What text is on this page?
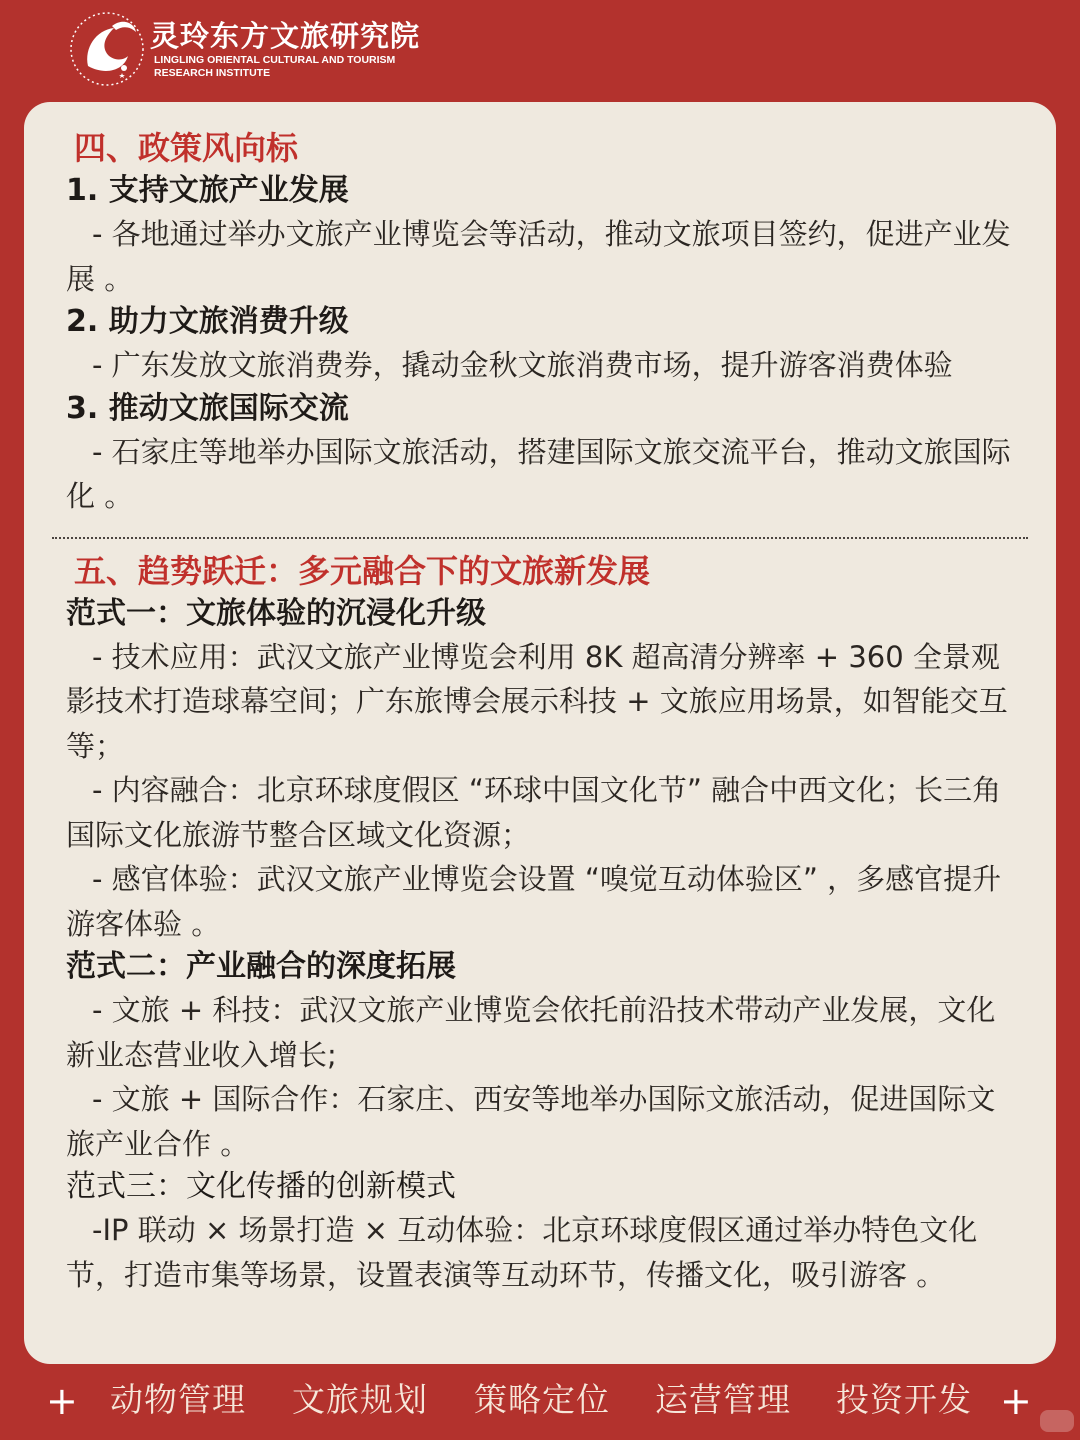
灵玲东方文旅研究院
LINGLING ORIENTAL CULTURAL AND TOURISM
RESEARCH INSTITUTE
四、政策风向标
1. 支持文旅产业发展

- 各地通过举办文旅产业博览会等活动，推动文旅项目签约，促进产业发展 。

2. 助力文旅消费升级

- 广东发放文旅消费券，撬动金秋文旅消费市场，提升游客消费体验

3. 推动文旅国际交流

- 石家庄等地举办国际文旅活动，搭建国际文旅交流平台，推动文旅国际化 。

五、趋势跃迁：多元融合下的文旅新发展
范式一：文旅体验的沉浸化升级

- 技术应用：武汉文旅产业博览会利用 8K 超高清分辨率 + 360 全景观影技术打造球幕空间；广东旅博会展示科技 + 文旅应用场景，如智能交互等；

- 内容融合：北京环球度假区 “环球中国文化节” 融合中西文化；长三角国际文化旅游节整合区域文化资源；

- 感官体验：武汉文旅产业博览会设置 “嗅觉互动体验区” ，多感官提升游客体验 。

范式二：产业融合的深度拓展

- 文旅 + 科技：武汉文旅产业博览会依托前沿技术带动产业发展，文化新业态营业收入增长;

- 文旅 + 国际合作：石家庄、西安等地举办国际文旅活动，促进国际文旅产业合作 。

范式三：文化传播的创新模式

-IP 联动 × 场景打造 × 互动体验：北京环球度假区通过举办特色文化节，打造市集等场景，设置表演等互动环节，传播文化，吸引游客 。

+ 动物管理 文旅规划 策略定位 运营管理 投资开发 +
